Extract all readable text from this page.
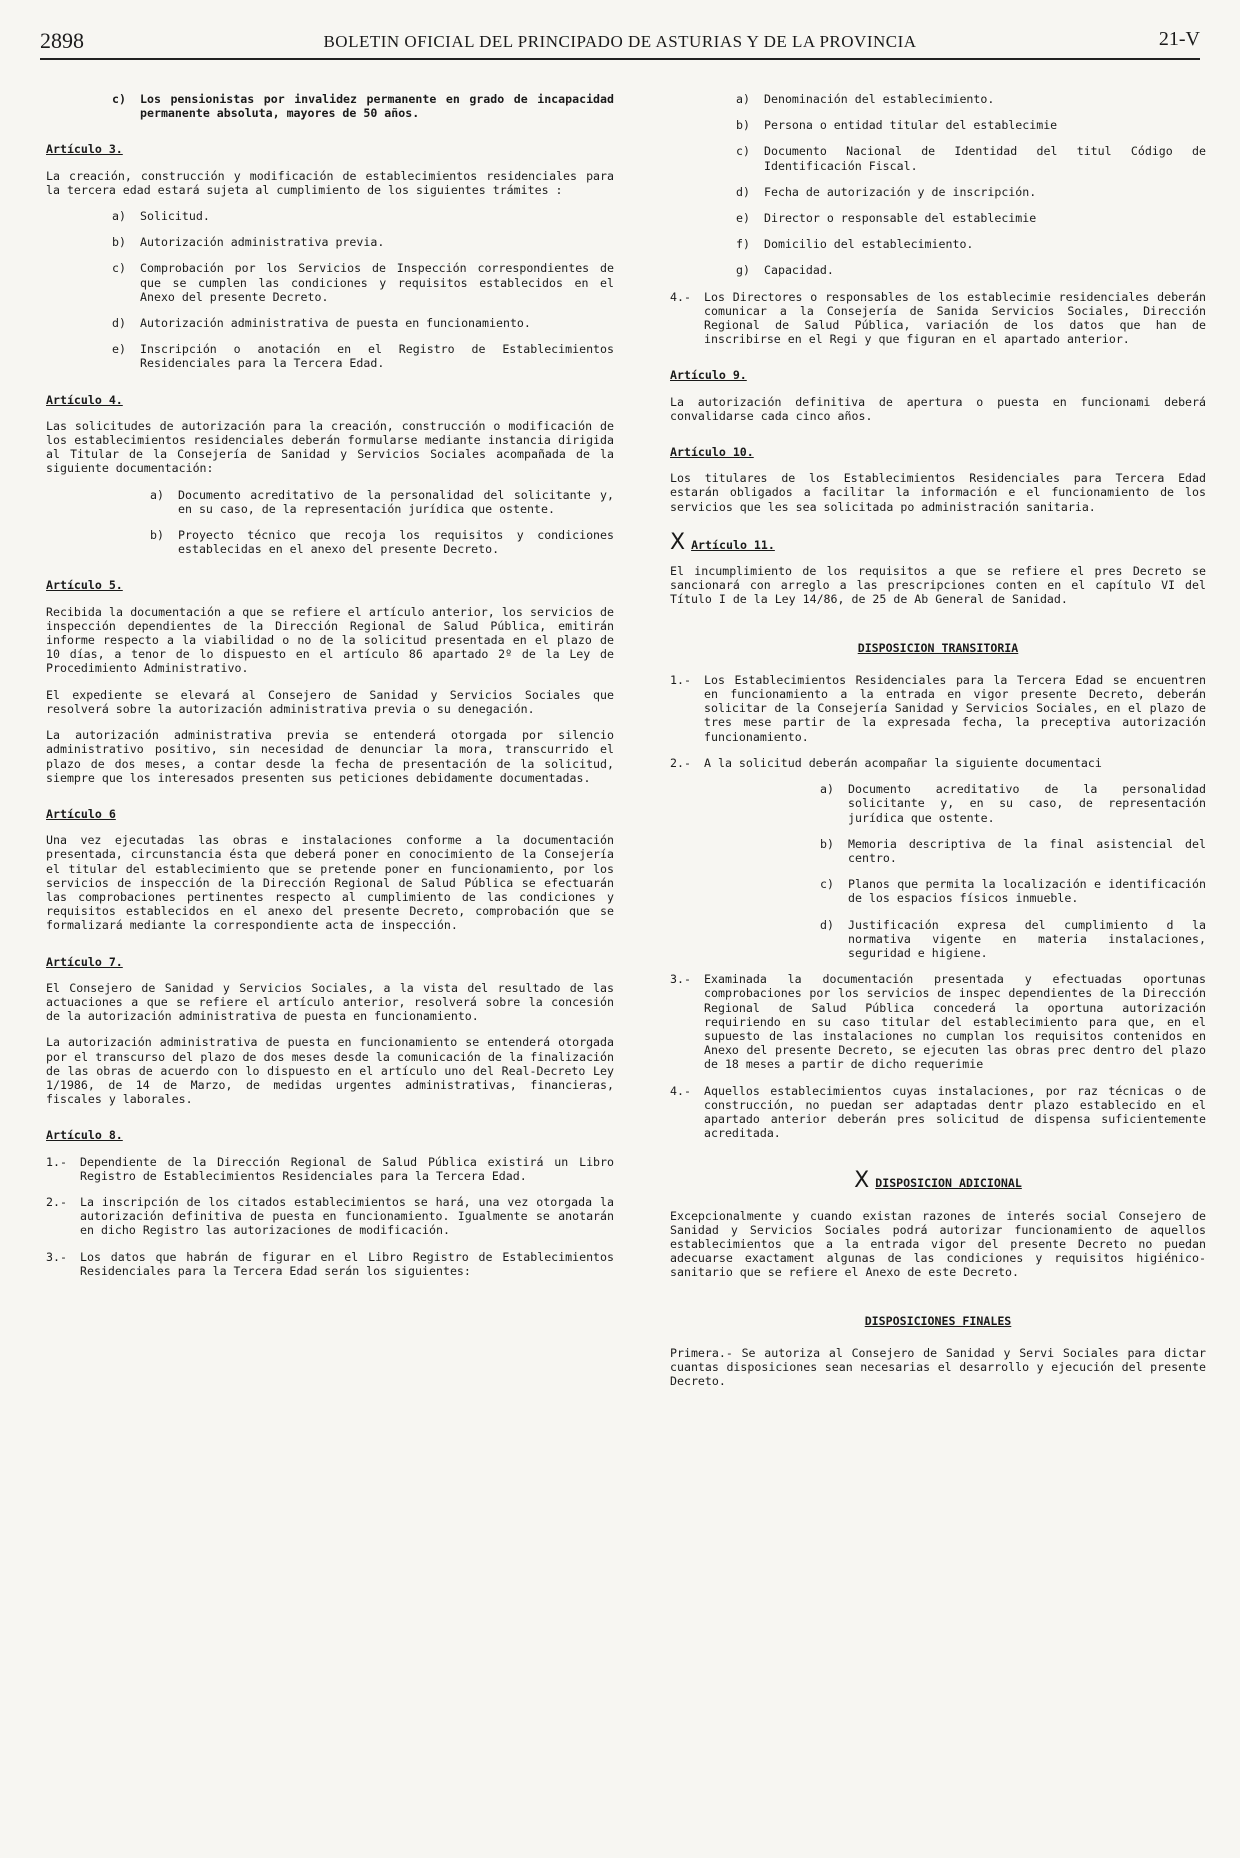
2898	BOLETIN OFICIAL DEL PRINCIPADO DE ASTURIAS Y DE LA PROVINCIA	21-V
c)	Los pensionistas por invalidez permanente en grado de incapacidad permanente absoluta, mayores de 50 años.
Artículo 3.

La creación, construcción y modificación de establecimientos residenciales para la tercera edad estará sujeta al cumplimiento de los siguientes trámites :

a)	Solicitud.
b)	Autorización administrativa previa.
c)	Comprobación por los Servicios de Inspección correspondientes de que se cumplen las condiciones y requisitos establecidos en el Anexo del presente Decreto.
d)	Autorización administrativa de puesta en funcionamiento.
e)	Inscripción o anotación en el Registro de Establecimientos Residenciales para la Tercera Edad.
Artículo 4.

Las solicitudes de autorización para la creación, construcción o modificación de los establecimientos residenciales deberán formularse mediante instancia dirigida al Titular de la Consejería de Sanidad y Servicios Sociales acompañada de la siguiente documentación:

a)	Documento acreditativo de la personalidad del solicitante y, en su caso, de la representación jurídica que ostente.
b)	Proyecto técnico que recoja los requisitos y condiciones establecidas en el anexo del presente Decreto.
Artículo 5.

Recibida la documentación a que se refiere el artículo anterior, los servicios de inspección dependientes de la Dirección Regional de Salud Pública, emitirán informe respecto a la viabilidad o no de la solicitud presentada en el plazo de 10 días, a tenor de lo dispuesto en el artículo 86 apartado 2º de la Ley de Procedimiento Administrativo.

El expediente se elevará al Consejero de Sanidad y Servicios Sociales que resolverá sobre la autorización administrativa previa o su denegación.

La autorización administrativa previa se entenderá otorgada por silencio administrativo positivo, sin necesidad de denunciar la mora, transcurrido el plazo de dos meses, a contar desde la fecha de presentación de la solicitud, siempre que los interesados presenten sus peticiones debidamente documentadas.

Artículo 6

Una vez ejecutadas las obras e instalaciones conforme a la documentación presentada, circunstancia ésta que deberá poner en conocimiento de la Consejería el titular del establecimiento que se pretende poner en funcionamiento, por los servicios de inspección de la Dirección Regional de Salud Pública se efectuarán las comprobaciones pertinentes respecto al cumplimiento de las condiciones y requisitos establecidos en el anexo del presente Decreto, comprobación que se formalizará mediante la correspondiente acta de inspección.

Artículo 7.

El Consejero de Sanidad y Servicios Sociales, a la vista del resultado de las actuaciones a que se refiere el artículo anterior, resolverá sobre la concesión de la autorización administrativa de puesta en funcionamiento.

La autorización administrativa de puesta en funcionamiento se entenderá otorgada por el transcurso del plazo de dos meses desde la comunicación de la finalización de las obras de acuerdo con lo dispuesto en el artículo uno del Real-Decreto Ley 1/1986, de 14 de Marzo, de medidas urgentes administrativas, financieras, fiscales y laborales.

Artículo 8.
1.-	Dependiente de la Dirección Regional de Salud Pública existirá un Libro Registro de Establecimientos Residenciales para la Tercera Edad.
2.-	La inscripción de los citados establecimientos se hará, una vez otorgada la autorización definitiva de puesta en funcionamiento. Igualmente se anotarán en dicho Registro las autorizaciones de modificación.
3.-	Los datos que habrán de figurar en el Libro Registro de Establecimientos Residenciales para la Tercera Edad serán los siguientes:
a)	Denominación del establecimiento.
b)	Persona o entidad titular del establecimie
c)	Documento Nacional de Identidad del titul Código de Identificación Fiscal.
d)	Fecha de autorización y de inscripción.
e)	Director o responsable del establecimie
f)	Domicilio del establecimiento.
g)	Capacidad.
4.-	Los Directores o responsables de los establecimie residenciales deberán comunicar a la Consejería de Sanida Servicios Sociales, Dirección Regional de Salud Pública, variación de los datos que han de inscribirse en el Regi y que figuran en el apartado anterior.
Artículo 9.

La autorización definitiva de apertura o puesta en funcionami deberá convalidarse cada cinco años.

Artículo 10.

Los titulares de los Establecimientos Residenciales para Tercera Edad estarán obligados a facilitar la información e el funcionamiento de los servicios que les sea solicitada po administración sanitaria.

X Artículo 11.

El incumplimiento de los requisitos a que se refiere el pres Decreto se sancionará con arreglo a las prescripciones conten en el capítulo VI del Título I de la Ley 14/86, de 25 de Ab General de Sanidad.

DISPOSICION TRANSITORIA
1.-	Los Establecimientos Residenciales para la Tercera Edad se encuentren en funcionamiento a la entrada en vigor presente Decreto, deberán solicitar de la Consejería Sanidad y Servicios Sociales, en el plazo de tres mese partir de la expresada fecha, la preceptiva autorización funcionamiento.
2.-	A la solicitud deberán acompañar la siguiente documentaci
a)	Documento acreditativo de la personalidad solicitante y, en su caso, de representación jurídica que ostente.
b)	Memoria descriptiva de la final asistencial del centro.
c)	Planos que permita la localización e identificación de los espacios físicos inmueble.
d)	Justificación expresa del cumplimiento d la normativa vigente en materia instalaciones, seguridad e higiene.
3.-	Examinada la documentación presentada y efectuadas oportunas comprobaciones por los servicios de inspec dependientes de la Dirección Regional de Salud Pública concederá la oportuna autorización requiriendo en su caso titular del establecimiento para que, en el supuesto de las instalaciones no cumplan los requisitos contenidos en Anexo del presente Decreto, se ejecuten las obras prec dentro del plazo de 18 meses a partir de dicho requerimie
4.-	Aquellos establecimientos cuyas instalaciones, por raz técnicas o de construcción, no puedan ser adaptadas dentr plazo establecido en el apartado anterior deberán pres solicitud de dispensa suficientemente acreditada.
XDISPOSICION ADICIONAL

Excepcionalmente y cuando existan razones de interés social Consejero de Sanidad y Servicios Sociales podrá autorizar funcionamiento de aquellos establecimientos que a la entrada vigor del presente Decreto no puedan adecuarse exactament algunas de las condiciones y requisitos higiénico-sanitario que se refiere el Anexo de este Decreto.

DISPOSICIONES FINALES

Primera.- Se autoriza al Consejero de Sanidad y Servi Sociales para dictar cuantas disposiciones sean necesarias el desarrollo y ejecución del presente Decreto.
